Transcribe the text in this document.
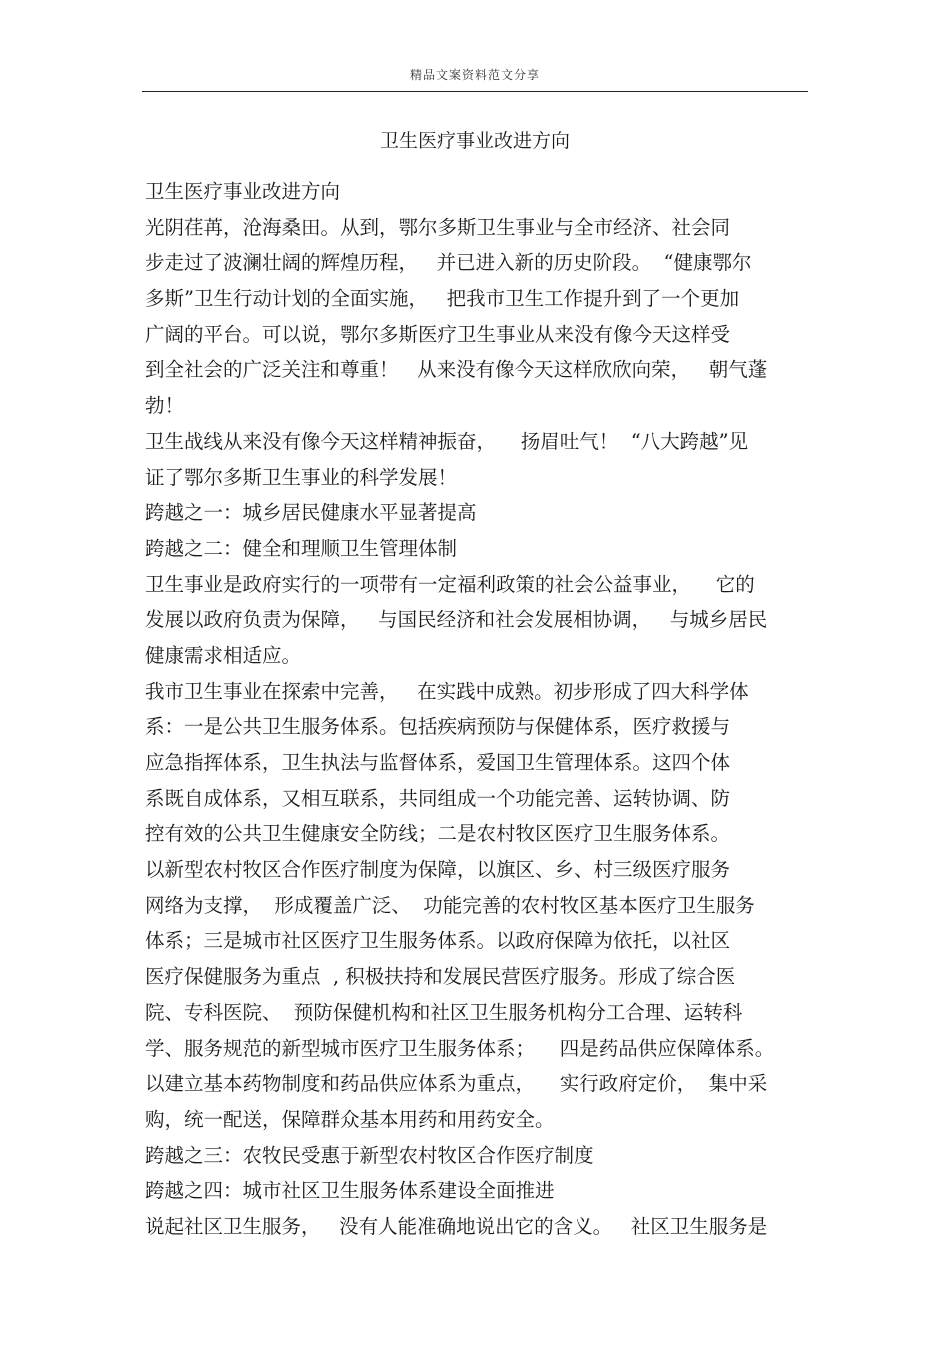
精品文案资料范文分享
卫生医疗事业改进方向
卫生医疗事业改进方向
光阴荏苒，沧海桑田。从到，鄂尔多斯卫生事业与全市经济、社会同
步走过了波澜壮阔的辉煌历程，   并已进入新的历史阶段。  “健康鄂尔
多斯”卫生行动计划的全面实施，   把我市卫生工作提升到了一个更加
广阔的平台。可以说，鄂尔多斯医疗卫生事业从来没有像今天这样受
到全社会的广泛关注和尊重！   从来没有像今天这样欣欣向荣，   朝气蓬
勃！
卫生战线从来没有像今天这样精神振奋，    扬眉吐气！  “八大跨越”见
证了鄂尔多斯卫生事业的科学发展！
跨越之一：城乡居民健康水平显著提高
跨越之二：健全和理顺卫生管理体制
卫生事业是政府实行的一项带有一定福利政策的社会公益事业，    它的
发展以政府负责为保障，   与国民经济和社会发展相协调，   与城乡居民
健康需求相适应。
我市卫生事业在探索中完善，   在实践中成熟。初步形成了四大科学体
系：一是公共卫生服务体系。包括疾病预防与保健体系，医疗救援与
应急指挥体系，卫生执法与监督体系，爱国卫生管理体系。这四个体
系既自成体系，又相互联系，共同组成一个功能完善、运转协调、防
控有效的公共卫生健康安全防线；二是农村牧区医疗卫生服务体系。
以新型农村牧区合作医疗制度为保障，以旗区、乡、村三级医疗服务
网络为支撑，  形成覆盖广泛、  功能完善的农村牧区基本医疗卫生服务
体系；三是城市社区医疗卫生服务体系。以政府保障为依托，以社区
医疗保健服务为重点  , 积极扶持和发展民营医疗服务。形成了综合医
院、专科医院、  预防保健机构和社区卫生服务机构分工合理、运转科
学、服务规范的新型城市医疗卫生服务体系；    四是药品供应保障体系。
以建立基本药物制度和药品供应体系为重点，    实行政府定价，  集中采
购，统一配送，保障群众基本用药和用药安全。
跨越之三：农牧民受惠于新型农村牧区合作医疗制度
跨越之四：城市社区卫生服务体系建设全面推进
说起社区卫生服务，   没有人能准确地说出它的含义。   社区卫生服务是
